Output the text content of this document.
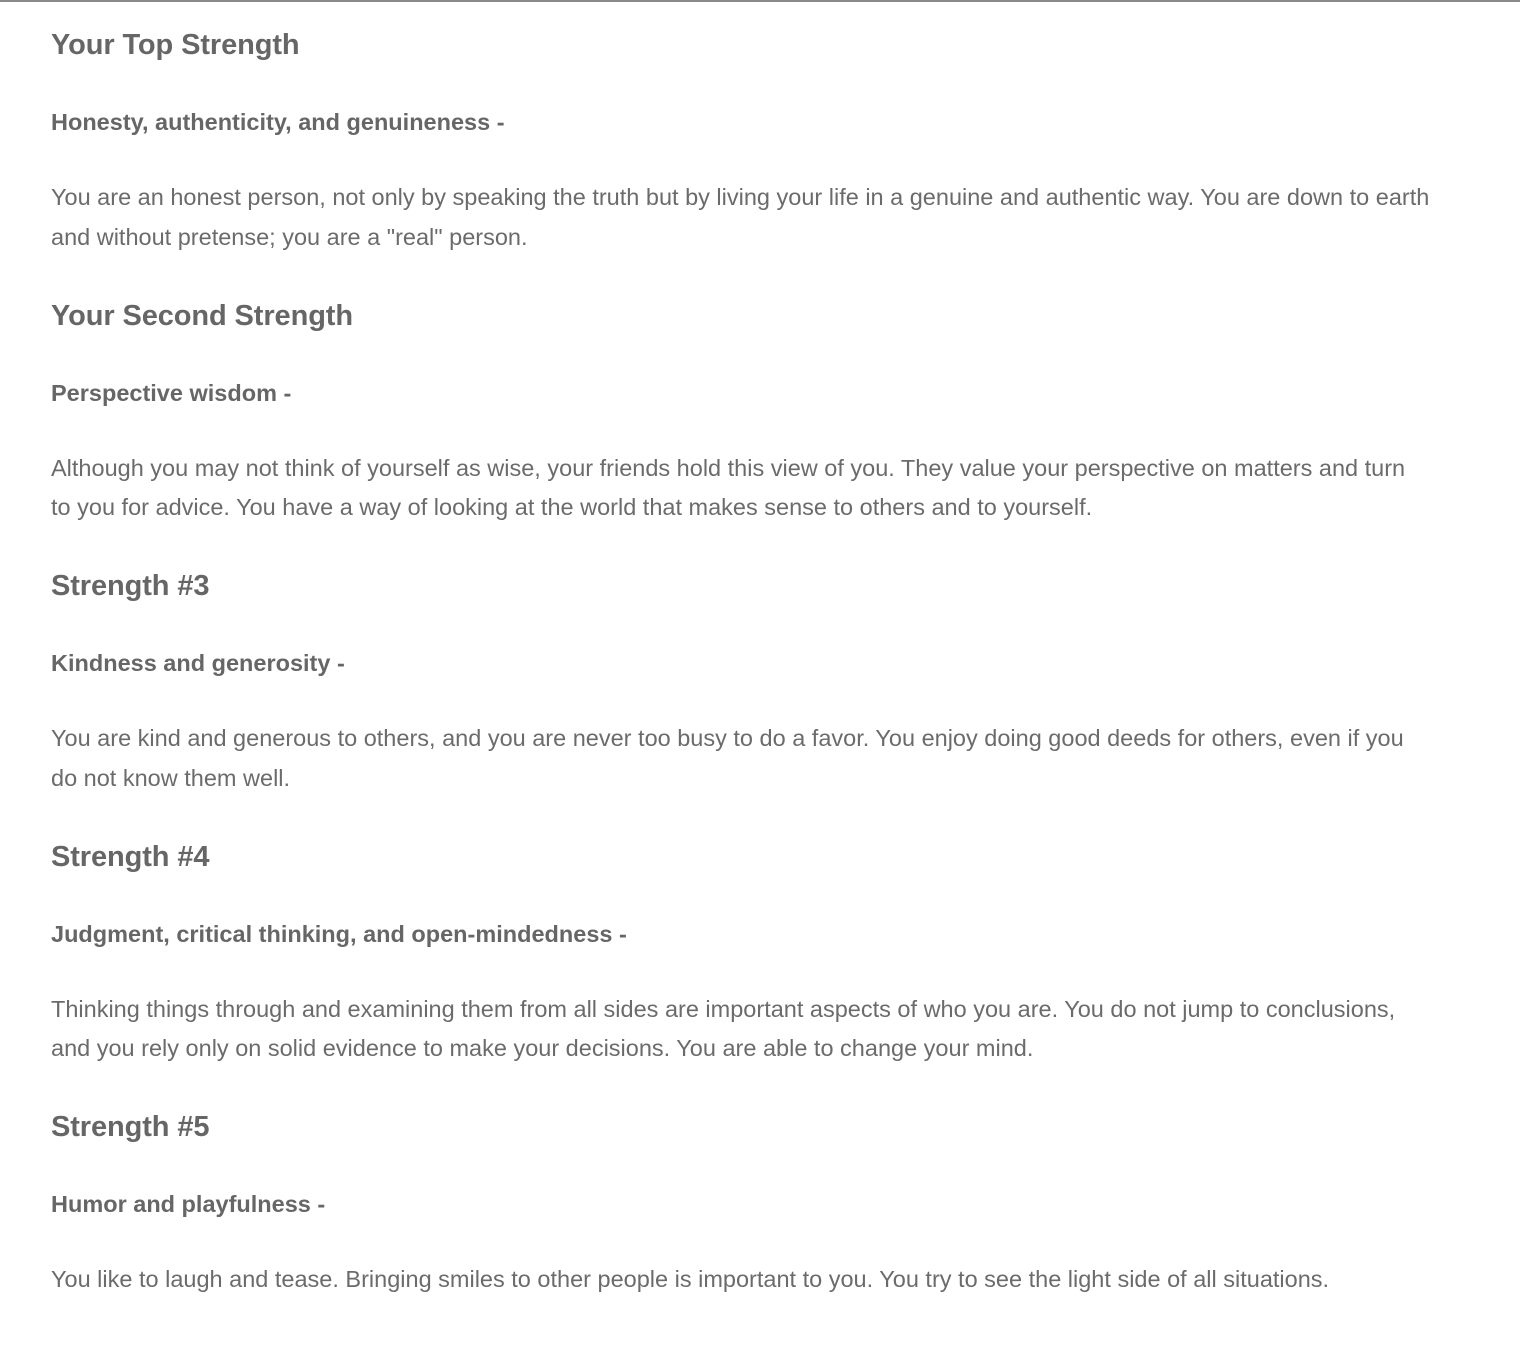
Your Top Strength

Honesty, authenticity, and genuineness -

You are an honest person, not only by speaking the truth but by living your life in a genuine and authentic way. You are down to earth and without pretense; you are a "real" person.

Your Second Strength

Perspective wisdom -

Although you may not think of yourself as wise, your friends hold this view of you. They value your perspective on matters and turn to you for advice. You have a way of looking at the world that makes sense to others and to yourself.

Strength #3

Kindness and generosity -

You are kind and generous to others, and you are never too busy to do a favor. You enjoy doing good deeds for others, even if you do not know them well.

Strength #4

Judgment, critical thinking, and open-mindedness -

Thinking things through and examining them from all sides are important aspects of who you are. You do not jump to conclusions, and you rely only on solid evidence to make your decisions. You are able to change your mind.

Strength #5

Humor and playfulness -

You like to laugh and tease. Bringing smiles to other people is important to you. You try to see the light side of all situations.
